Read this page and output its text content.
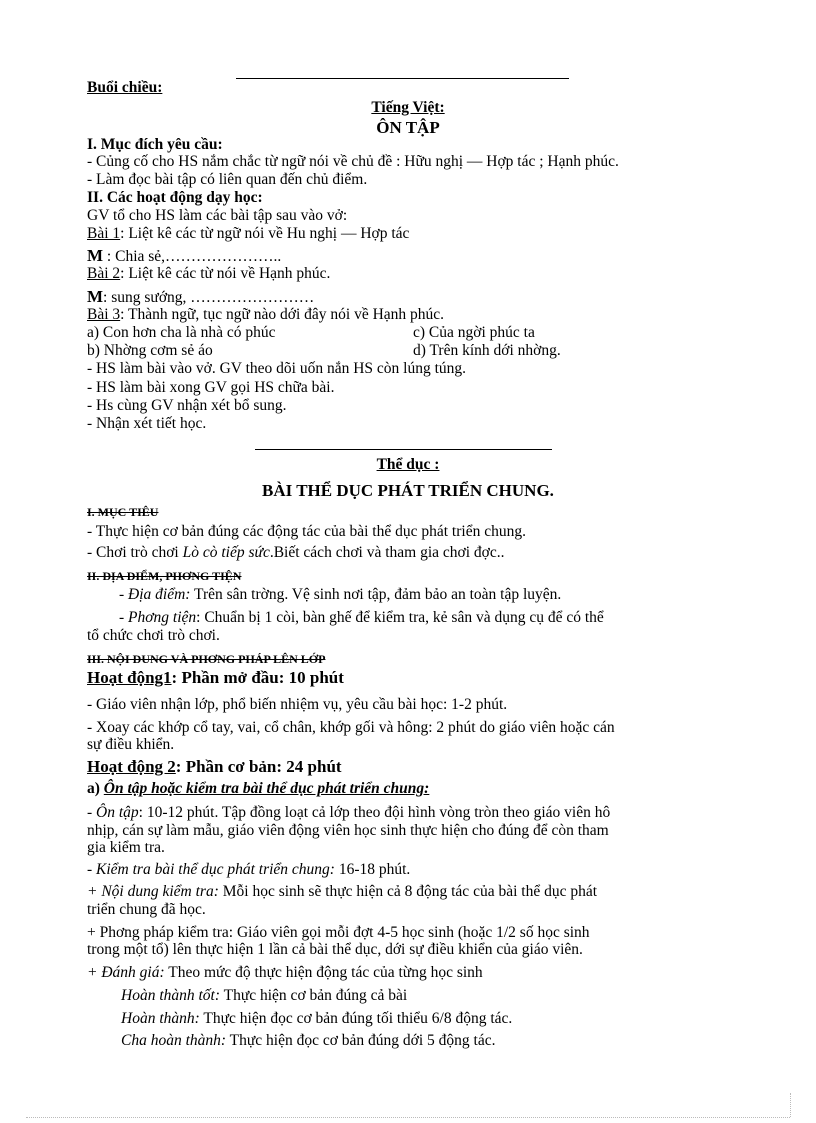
Buổi chiều:
Tiếng Việt:
ÔN TẬP
I. Mục đích yêu cầu:
- Củng cố cho HS nắm chắc từ ngữ nói về chủ đề : Hữu nghị — Hợp tác ; Hạnh phúc.
- Làm đọc bài tập có liên quan đến chủ điểm.
II. Các hoạt động dạy học:
GV tổ cho HS làm các bài tập sau vào vở:
Bài 1: Liệt kê các từ ngữ nói về Hu nghị — Hợp tác
M : Chia sẻ,…………………..
Bài 2: Liệt kê các từ nói về Hạnh phúc.
M: sung sướng, ……………………
Bài 3: Thành ngữ, tục ngữ nào dới đây nói về Hạnh phúc.
a) Con hơn cha là nhà có phúc	c) Của ngời phúc ta
b) Nhờng cơm sẻ áo	d) Trên kính dới nhờng.
- HS làm bài vào vở. GV theo dõi uốn nắn HS còn lúng túng.
- HS làm bài xong GV gọi HS chữa bài.
- Hs cùng GV nhận xét bổ sung.
- Nhận xét tiết học.
Thể dục :
BÀI THỂ DỤC PHÁT TRIỂN CHUNG.
I. MỤC TIÊU
- Thực hiện cơ bản đúng các động tác của bài thể dục phát triển chung.
- Chơi trò chơi Lò cò tiếp sức.Biết cách chơi và tham gia chơi đợc..
II. ĐỊA ĐIỂM, PHƠNG TIỆN
- Địa điểm: Trên sân trờng. Vệ sinh nơi tập, đảm bảo an toàn tập luyện.
- Phơng tiện: Chuẩn bị 1 còi, bàn ghế để kiểm tra, kẻ sân và dụng cụ để có thể
tổ chức chơi trò chơi.
III. NỘI DUNG VÀ PHƠNG PHÁP LÊN LỚP
Hoạt động1: Phần mở đầu: 10 phút
- Giáo viên nhận lớp, phổ biến nhiệm vụ, yêu cầu bài học: 1-2 phút.
- Xoay các khớp cổ tay, vai, cổ chân, khớp gối và hông: 2 phút do giáo viên hoặc cán
sự điều khiển.
Hoạt động 2: Phần cơ bản: 24 phút
a) Ôn tập hoặc kiểm tra bài thể dục phát triển chung:
- Ôn tập: 10-12 phút. Tập đồng loạt cả lớp theo đội hình vòng tròn theo giáo viên hô
nhịp, cán sự làm mẫu, giáo viên động viên học sinh thực hiện cho đúng để còn tham
gia kiểm tra.
- Kiểm tra bài thể dục phát triển chung: 16-18 phút.
+ Nội dung kiểm tra: Mỗi học sinh sẽ thực hiện cả 8 động tác của bài thể dục phát
triển chung đã học.
+ Phơng pháp kiểm tra: Giáo viên gọi mỗi đợt 4-5 học sinh (hoặc 1/2 số học sinh
trong một tổ) lên thực hiện 1 lần cả bài thể dục, dới sự điều khiển của giáo viên.
+ Đánh giá: Theo mức độ thực hiện động tác của từng học sinh
Hoàn thành tốt: Thực hiện cơ bản đúng cả bài
Hoàn thành: Thực hiện đọc cơ bản đúng tối thiểu 6/8 động tác.
Cha hoàn thành: Thực hiện đọc cơ bản đúng dới 5 động tác.
